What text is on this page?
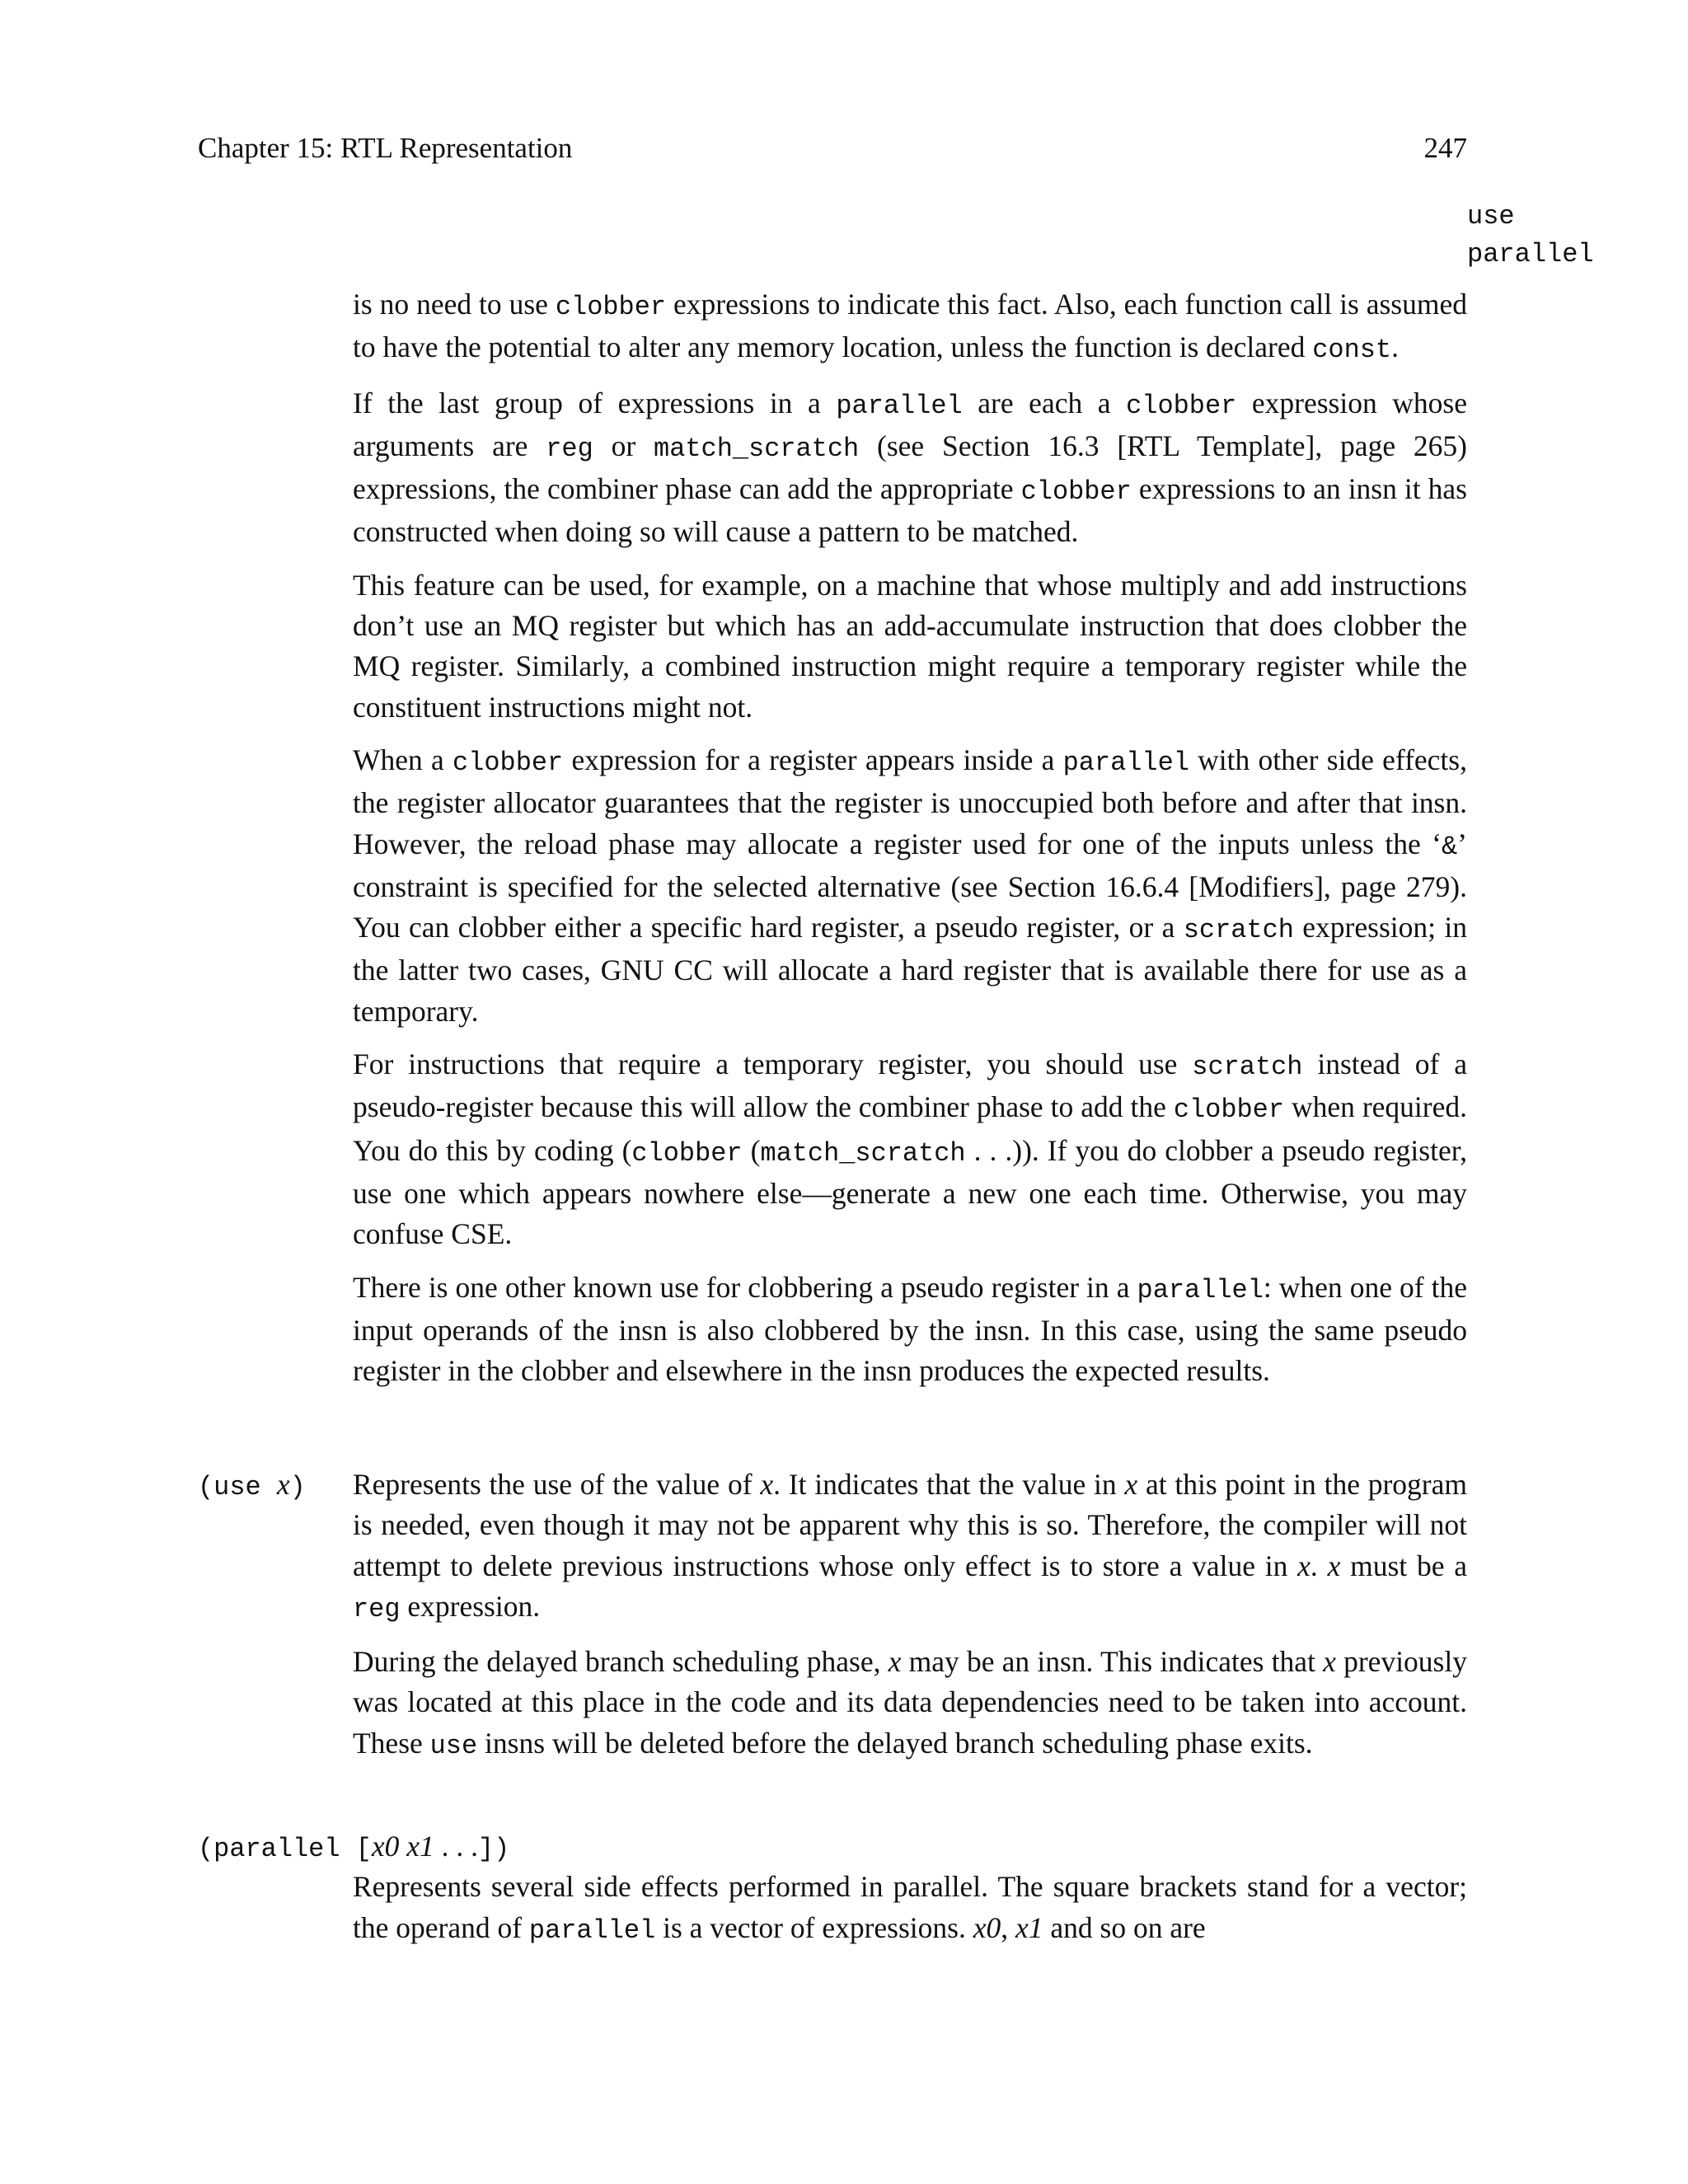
Chapter 15: RTL Representation	247
use
parallel

is no need to use clobber expressions to indicate this fact. Also, each function call is assumed to have the potential to alter any memory location, unless the function is declared const.

If the last group of expressions in a parallel are each a clobber expression whose arguments are reg or match_scratch (see Section 16.3 [RTL Template], page 265) expressions, the combiner phase can add the appropriate clobber expressions to an insn it has constructed when doing so will cause a pattern to be matched.

This feature can be used, for example, on a machine that whose multiply and add instructions don’t use an MQ register but which has an add-accumulate instruction that does clobber the MQ register. Similarly, a combined instruction might require a temporary register while the constituent instructions might not.

When a clobber expression for a register appears inside a parallel with other side effects, the register allocator guarantees that the register is unoccupied both before and after that insn. However, the reload phase may allocate a register used for one of the inputs unless the ‘&’ constraint is specified for the selected alternative (see Section 16.6.4 [Modifiers], page 279). You can clobber either a specific hard register, a pseudo register, or a scratch expression; in the latter two cases, GNU CC will allocate a hard register that is available there for use as a temporary.

For instructions that require a temporary register, you should use scratch instead of a pseudo-register because this will allow the combiner phase to add the clobber when required. You do this by coding (clobber (match_scratch . . .)). If you do clobber a pseudo register, use one which appears nowhere else—generate a new one each time. Otherwise, you may confuse CSE.

There is one other known use for clobbering a pseudo register in a parallel: when one of the input operands of the insn is also clobbered by the insn. In this case, using the same pseudo register in the clobber and elsewhere in the insn produces the expected results.

(use x) Represents the use of the value of x. It indicates that the value in x at this point in the program is needed, even though it may not be apparent why this is so. Therefore, the compiler will not attempt to delete previous instructions whose only effect is to store a value in x. x must be a reg expression.

During the delayed branch scheduling phase, x may be an insn. This indicates that x previously was located at this place in the code and its data dependencies need to be taken into account. These use insns will be deleted before the delayed branch scheduling phase exits.

(parallel [x0 x1 . . .])

Represents several side effects performed in parallel. The square brackets stand for a vector; the operand of parallel is a vector of expressions. x0, x1 and so on are
